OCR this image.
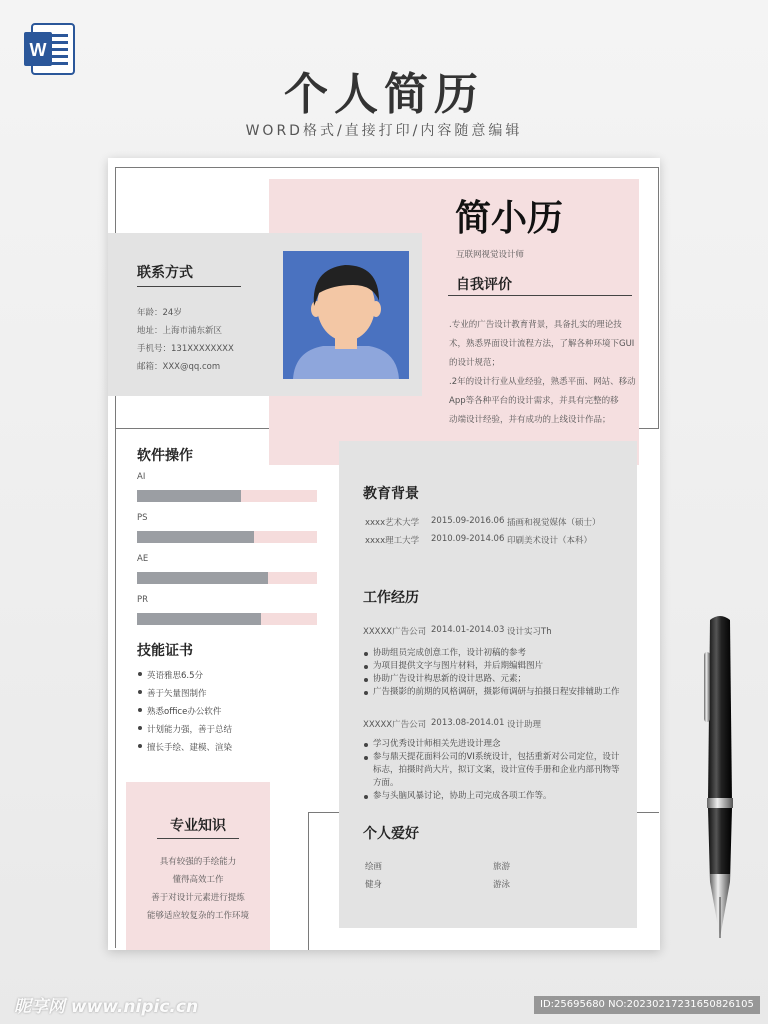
W
个人简历
WORD格式/直接打印/内容随意编辑
联系方式
年龄：24岁
地址：上海市浦东新区
手机号：131XXXXXXXX
邮箱：XXX@qq.com
简小历
互联网视觉设计师
自我评价
.专业的广告设计教育背景，具备扎实的理论技
术，熟悉界面设计流程方法，了解各种环境下GUI
的设计规范；
.2年的设计行业从业经验，熟悉平面、网站、移动
App等各种平台的设计需求，并具有完整的移
动端设计经验，并有成功的上线设计作品；
软件操作
AI
PS
AE
PR
技能证书
英语雅思6.5分
善于矢量图制作
熟悉office办公软件
计划能力强，善于总结
擅长手绘、建模、渲染
专业知识
具有较强的手绘能力
懂得高效工作
善于对设计元素进行提炼
能够适应较复杂的工作环境
教育背景
xxxx艺术大学	2015.09-2016.06 插画和视觉媒体（硕士）
xxxx理工大学	2010.09-2014.06 印刷美术设计（本科）
工作经历
XXXXX广告公司 2014.01-2014.03 设计实习Th
协助组员完成创意工作，设计初稿的参考
为项目提供文字与图片材料，并后期编辑图片
协助广告设计构思新的设计思路、元素；
广告摄影的前期的风格调研，摄影师调研与拍摄日程安排辅助工作
XXXXX广告公司 2013.08-2014.01 设计助理
学习优秀设计师相关先进设计理念
参与鼎天提花面料公司的VI系统设计，包括重新对公司定位，设计标志，拍摄时尚大片，拟订文案，设计宣传手册和企业内部刊物等方面。
参与头脑风暴讨论，协助上司完成各项工作等。
个人爱好
绘画	旅游
健身	游泳
昵享网 www.nipic.cn	ID:25695680 NO:20230217231650826105
